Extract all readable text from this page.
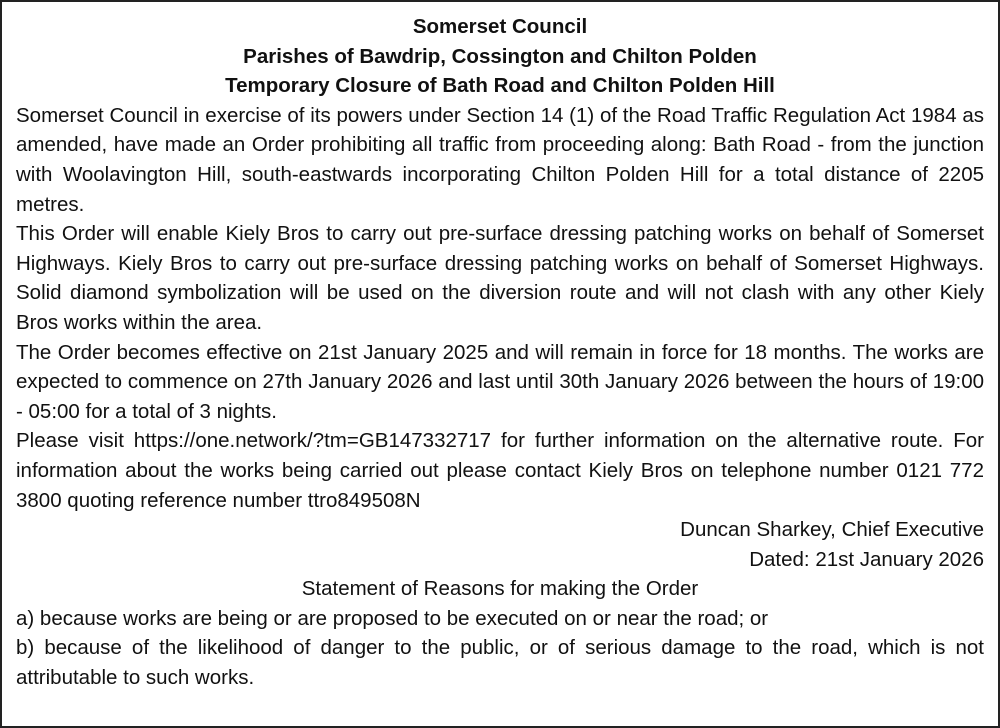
Somerset Council

Parishes of Bawdrip, Cossington and Chilton Polden

Temporary Closure of Bath Road and Chilton Polden Hill

Somerset Council in exercise of its powers under Section 14 (1) of the Road Traffic Regulation Act 1984 as amended, have made an Order prohibiting all traffic from proceeding along: Bath Road - from the junction with Woolavington Hill, south-eastwards incorporating Chilton Polden Hill for a total distance of 2205 metres.

This Order will enable Kiely Bros to carry out pre-surface dressing patching works on behalf of Somerset Highways. Kiely Bros to carry out pre-surface dressing patching works on behalf of Somerset Highways. Solid diamond symbolization will be used on the diversion route and will not clash with any other Kiely Bros works within the area.

The Order becomes effective on 21st January 2025 and will remain in force for 18 months. The works are expected to commence on 27th January 2026 and last until 30th January 2026 between the hours of 19:00 - 05:00 for a total of 3 nights.

Please visit https://one.network/?tm=GB147332717 for further information on the alternative route. For information about the works being carried out please contact Kiely Bros on telephone number 0121 772 3800 quoting reference number ttro849508N

Duncan Sharkey, Chief Executive

Dated: 21st January 2026

Statement of Reasons for making the Order

a) because works are being or are proposed to be executed on or near the road; or

b) because of the likelihood of danger to the public, or of serious damage to the road, which is not attributable to such works.
